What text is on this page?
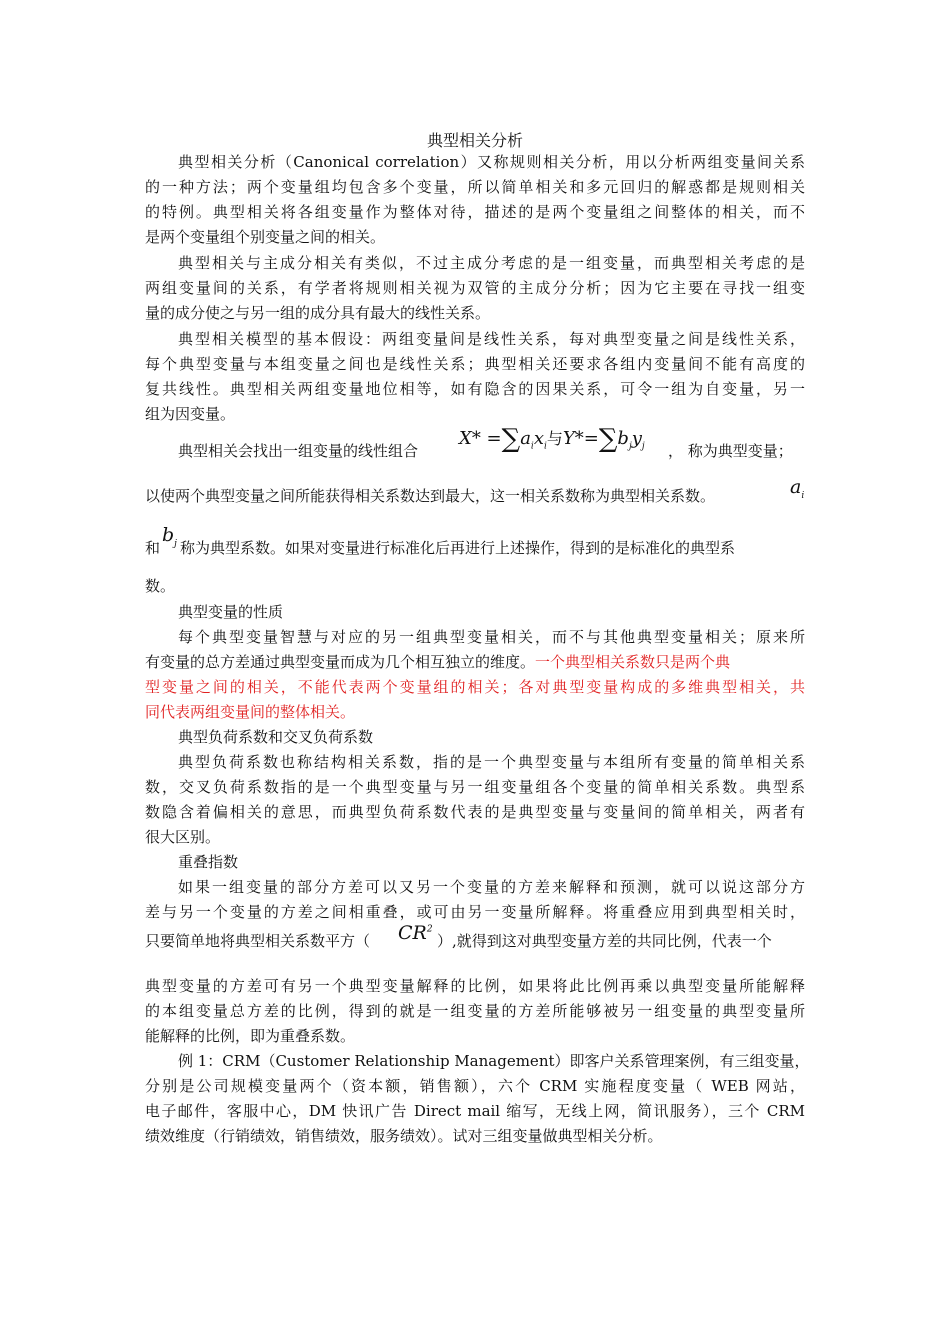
典型相关分析
典型相关分析（Canonical correlation）又称规则相关分析，用以分析两组变量间关系
的一种方法；两个变量组均包含多个变量，所以简单相关和多元回归的解惑都是规则相关
的特例。典型相关将各组变量作为整体对待，描述的是两个变量组之间整体的相关，而不
是两个变量组个别变量之间的相关。
典型相关与主成分相关有类似，不过主成分考虑的是一组变量，而典型相关考虑的是
两组变量间的关系，有学者将规则相关视为双管的主成分分析；因为它主要在寻找一组变
量的成分使之与另一组的成分具有最大的线性关系。
典型相关模型的基本假设：两组变量间是线性关系，每对典型变量之间是线性关系，
每个典型变量与本组变量之间也是线性关系；典型相关还要求各组内变量间不能有高度的
复共线性。典型相关两组变量地位相等，如有隐含的因果关系，可令一组为自变量，另一
组为因变量。
典型相关会找出一组变量的线性组合
$X* =\sum a_ix_i$与$Y*=\sum b_jy_j$ ， 称为典型变量；
以使两个典型变量之间所能获得相关系数达到最大，这一相关系数称为典型相关系数。	$a_i$
和
$b_j$ 称为典型系数。如果对变量进行标准化后再进行上述操作，得到的是标准化的典型系
数。
典型变量的性质
每个典型变量智慧与对应的另一组典型变量相关，而不与其他典型变量相关；原来所
有变量的总方差通过典型变量而成为几个相互独立的维度。一个典型相关系数只是两个典
型变量之间的相关，不能代表两个变量组的相关；各对典型变量构成的多维典型相关，共
同代表两组变量间的整体相关。
典型负荷系数和交叉负荷系数
典型负荷系数也称结构相关系数，指的是一个典型变量与本组所有变量的简单相关系
数，交叉负荷系数指的是一个典型变量与另一组变量组各个变量的简单相关系数。典型系
数隐含着偏相关的意思，而典型负荷系数代表的是典型变量与变量间的简单相关，两者有
很大区别。
重叠指数
如果一组变量的部分方差可以又另一个变量的方差来解释和预测，就可以说这部分方
差与另一个变量的方差之间相重叠，或可由另一变量所解释。将重叠应用到典型相关时，
只要简单地将典型相关系数平方（	$CR^2$
）,就得到这对典型变量方差的共同比例，代表一个
典型变量的方差可有另一个典型变量解释的比例，如果将此比例再乘以典型变量所能解释
的本组变量总方差的比例，得到的就是一组变量的方差所能够被另一组变量的典型变量所
能解释的比例，即为重叠系数。
例 1：CRM（Customer Relationship Management）即客户关系管理案例，有三组变量，
分别是公司规模变量两个（资本额，销售额），六个 CRM 实施程度变量（ WEB 网站，
电子邮件，客服中心，DM 快讯广告 Direct mail 缩写，无线上网，简讯服务），三个 CRM
绩效维度（行销绩效，销售绩效，服务绩效）。试对三组变量做典型相关分析。
